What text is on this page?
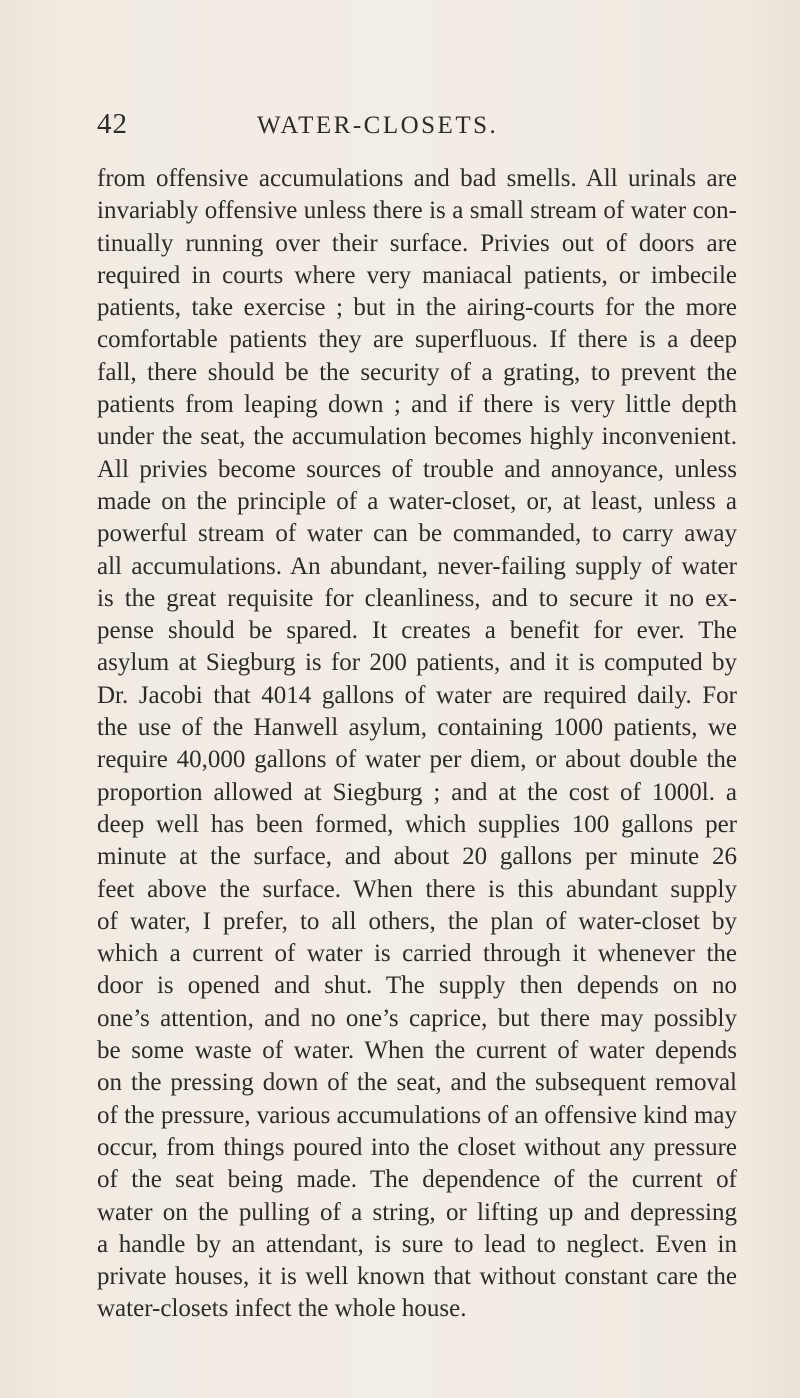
42	WATER-CLOSETS.
from offensive accumulations and bad smells. All urinals are
invariably offensive unless there is a small stream of water con-
tinually running over their surface. Privies out of doors are
required in courts where very maniacal patients, or imbecile
patients, take exercise ; but in the airing-courts for the more
comfortable patients they are superfluous. If there is a deep
fall, there should be the security of a grating, to prevent the
patients from leaping down ; and if there is very little depth
under the seat, the accumulation becomes highly inconvenient.
All privies become sources of trouble and annoyance, unless
made on the principle of a water-closet, or, at least, unless a
powerful stream of water can be commanded, to carry away
all accumulations. An abundant, never-failing supply of water
is the great requisite for cleanliness, and to secure it no ex-
pense should be spared. It creates a benefit for ever. The
asylum at Siegburg is for 200 patients, and it is computed by
Dr. Jacobi that 4014 gallons of water are required daily. For
the use of the Hanwell asylum, containing 1000 patients, we
require 40,000 gallons of water per diem, or about double the
proportion allowed at Siegburg ; and at the cost of 1000l. a
deep well has been formed, which supplies 100 gallons per
minute at the surface, and about 20 gallons per minute 26
feet above the surface. When there is this abundant supply
of water, I prefer, to all others, the plan of water-closet by
which a current of water is carried through it whenever the
door is opened and shut. The supply then depends on no
one’s attention, and no one’s caprice, but there may possibly
be some waste of water. When the current of water depends
on the pressing down of the seat, and the subsequent removal
of the pressure, various accumulations of an offensive kind may
occur, from things poured into the closet without any pressure
of the seat being made. The dependence of the current of
water on the pulling of a string, or lifting up and depressing
a handle by an attendant, is sure to lead to neglect. Even in
private houses, it is well known that without constant care the
water-closets infect the whole house.
